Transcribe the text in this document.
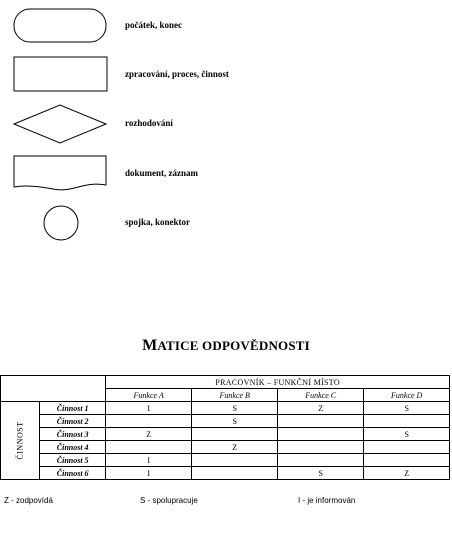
počátek, konec
zpracování, proces, činnost
rozhodování
dokument, záznam
spojka, konektor
MATICE ODPOVĚDNOSTI
		PRACOVNÍK – FUNKČNÍ MÍSTO			
		Funkce A	Funkce B	Funkce C	Funkce D
ČINNOST	Činnost 1	I	S	Z	S
	Činnost 2		S		
	Činnost 3	Z			S
	Činnost 4		Z		
	Činnost 5	I			
	Činnost 6	I		S	Z
Z - zodpovídá	S - spolupracuje	I - je informován
